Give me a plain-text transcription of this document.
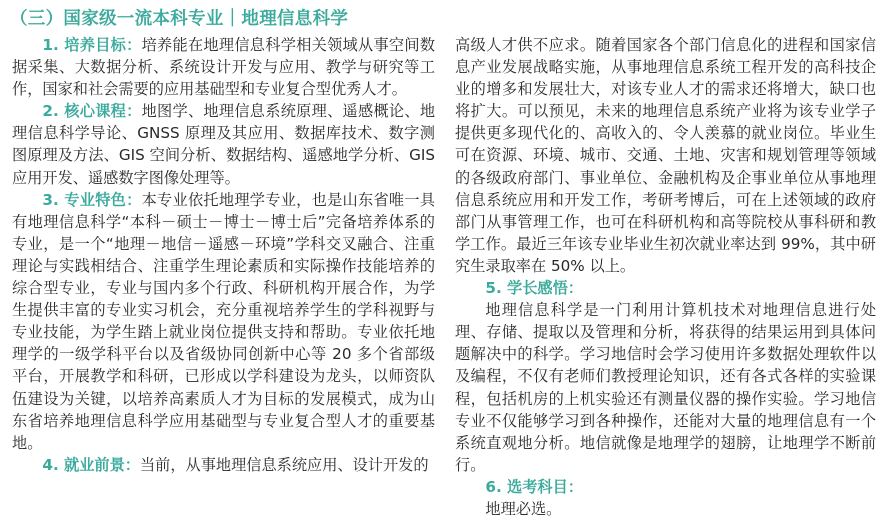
（三）国家级一流本科专业｜地理信息科学

1. 培养目标：培养能在地理信息科学相关领域从事空间数据采集、大数据分析、系统设计开发与应用、教学与研究等工作，国家和社会需要的应用基础型和专业复合型优秀人才。

2. 核心课程：地图学、地理信息系统原理、遥感概论、地理信息科学导论、GNSS 原理及其应用、数据库技术、数字测图原理及方法、GIS 空间分析、数据结构、遥感地学分析、GIS 应用开发、遥感数字图像处理等。

3. 专业特色：本专业依托地理学专业，也是山东省唯一具有地理信息科学“本科－硕士－博士－博士后”完备培养体系的专业，是一个“地理－地信－遥感－环境”学科交叉融合、注重理论与实践相结合、注重学生理论素质和实际操作技能培养的综合型专业，专业与国内多个行政、科研机构开展合作，为学生提供丰富的专业实习机会，充分重视培养学生的学科视野与专业技能，为学生踏上就业岗位提供支持和帮助。专业依托地理学的一级学科平台以及省级协同创新中心等 20 多个省部级平台，开展教学和科研，已形成以学科建设为龙头，以师资队伍建设为关键，以培养高素质人才为目标的发展模式，成为山东省培养地理信息科学应用基础型与专业复合型人才的重要基地。

4. 就业前景：当前，从事地理信息系统应用、设计开发的

高级人才供不应求。随着国家各个部门信息化的进程和国家信息产业发展战略实施，从事地理信息系统工程开发的高科技企业的增多和发展壮大，对该专业人才的需求还将增大，缺口也将扩大。可以预见，未来的地理信息系统产业将为该专业学子提供更多现代化的、高收入的、令人羡慕的就业岗位。毕业生可在资源、环境、城市、交通、土地、灾害和规划管理等领域的各级政府部门、事业单位、金融机构及企事业单位从事地理信息系统应用和开发工作，考研考博后，可在上述领域的政府部门从事管理工作，也可在科研机构和高等院校从事科研和教学工作。最近三年该专业毕业生初次就业率达到 99%，其中研究生录取率在 50% 以上。

5. 学长感悟：

地理信息科学是一门利用计算机技术对地理信息进行处理、存储、提取以及管理和分析，将获得的结果运用到具体问题解决中的科学。学习地信时会学习使用许多数据处理软件以及编程，不仅有老师们教授理论知识，还有各式各样的实验课程，包括机房的上机实验还有测量仪器的操作实验。学习地信专业不仅能够学习到各种操作，还能对大量的地理信息有一个系统直观地分析。地信就像是地理学的翅膀，让地理学不断前行。

6. 选考科目：

地理必选。
